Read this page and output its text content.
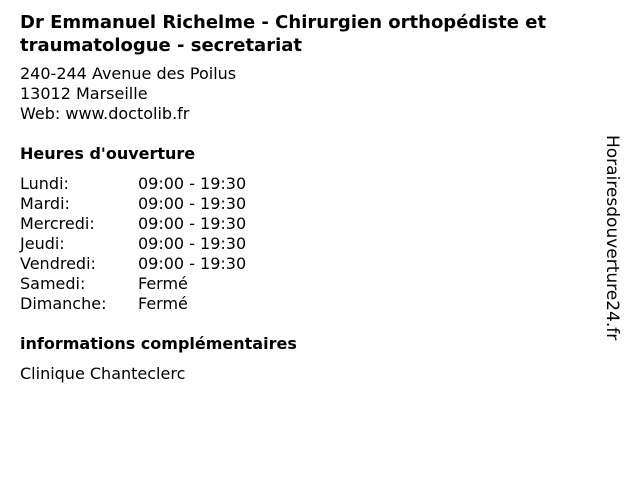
Dr Emmanuel Richelme - Chirurgien orthopédiste et traumatologue - secretariat
240-244 Avenue des Poilus
13012 Marseille
Web: www.doctolib.fr
Heures d'ouverture
Lundi:	09:00 - 19:30
Mardi:	09:00 - 19:30
Mercredi:	09:00 - 19:30
Jeudi:	09:00 - 19:30
Vendredi:	09:00 - 19:30
Samedi:	Fermé
Dimanche: Fermé
informations complémentaires
Clinique Chanteclerc
Horairesdouverture24.fr
